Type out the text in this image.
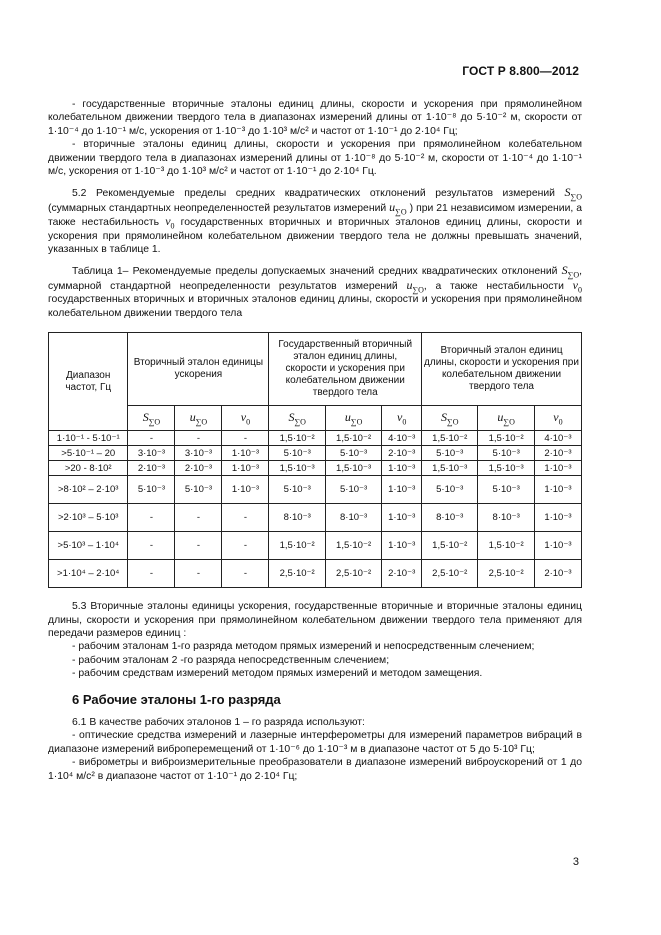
ГОСТ Р 8.800—2012

- государственные вторичные эталоны единиц длины, скорости и ускорения при прямолинейном колебательном движении твердого тела в диапазонах измерений длины от 1·10⁻⁸ до 5·10⁻² м, скорости от 1·10⁻⁴ до 1·10⁻¹ м/с, ускорения от 1·10⁻³ до 1·10³ м/с² и частот от 1·10⁻¹ до 2·10⁴ Гц;

- вторичные эталоны единиц длины, скорости и ускорения при прямолинейном колебательном движении твердого тела в диапазонах измерений длины от 1·10⁻⁸ до 5·10⁻² м, скорости от 1·10⁻⁴ до 1·10⁻¹ м/с, ускорения от 1·10⁻³ до 1·10³ м/с² и частот от 1·10⁻¹ до 2·10⁴ Гц.

5.2 Рекомендуемые пределы средних квадратических отклонений результатов измерений $S_{\sum O}$ (суммарных стандартных неопределенностей результатов измерений $u_{\sum O}$ ) при 21 независимом измерении, а также нестабильность $\nu_0$ государственных вторичных и вторичных эталонов единиц длины, скорости и ускорения при прямолинейном колебательном движении твердого тела не должны превышать значений, указанных в таблице 1.

Таблица 1– Рекомендуемые пределы допускаемых значений средних квадратических отклонений $S_{\sum O}$, суммарной стандартной неопределенности результатов измерений $u_{\sum O}$, а также нестабильности $\nu_0$ государственных вторичных и вторичных эталонов единиц длины, скорости и ускорения при прямолинейном колебательном движении твердого тела

Диапазон частот, Гц	Вторичный эталон единицы ускорения			Государственный вторичный эталон единиц длины, скорости и ускорения при колебательном движении твердого тела			Вторичный эталон единиц длины, скорости и ускорения при колебательном движении твердого тела		
	$S_{\sum O}$	$u_{\sum O}$	$\nu_0$	$S_{\sum O}$	$u_{\sum O}$	$\nu_0$	$S_{\sum O}$	$u_{\sum O}$	$\nu_0$
1·10⁻¹ - 5·10⁻¹	-	-	-	1,5·10⁻²	1,5·10⁻²	4·10⁻³	1,5·10⁻²	1,5·10⁻²	4·10⁻³
>5·10⁻¹ – 20	3·10⁻³	3·10⁻³	1·10⁻³	5·10⁻³	5·10⁻³	2·10⁻³	5·10⁻³	5·10⁻³	2·10⁻³
>20 - 8·10²	2·10⁻³	2·10⁻³	1·10⁻³	1,5·10⁻³	1,5·10⁻³	1·10⁻³	1,5·10⁻³	1,5·10⁻³	1·10⁻³
>8·10² – 2·10³	5·10⁻³	5·10⁻³	1·10⁻³	5·10⁻³	5·10⁻³	1·10⁻³	5·10⁻³	5·10⁻³	1·10⁻³
>2·10³ – 5·10³	-	-	-	8·10⁻³	8·10⁻³	1·10⁻³	8·10⁻³	8·10⁻³	1·10⁻³
>5·10³ – 1·10⁴	-	-	-	1,5·10⁻²	1,5·10⁻²	1·10⁻³	1,5·10⁻²	1,5·10⁻²	1·10⁻³
>1·10⁴ – 2·10⁴	-	-	-	2,5·10⁻²	2,5·10⁻²	2·10⁻³	2,5·10⁻²	2,5·10⁻²	2·10⁻³

5.3 Вторичные эталоны единицы ускорения, государственные вторичные и вторичные эталоны единиц длины, скорости и ускорения при прямолинейном колебательном движении твердого тела применяют для передачи размеров единиц :

- рабочим эталонам 1-го разряда методом прямых измерений и непосредственным слечением;

- рабочим эталонам 2 -го разряда непосредственным слечением;

- рабочим средствам измерений методом прямых измерений и методом замещения.

6 Рабочие эталоны 1-го разряда

6.1 В качестве рабочих эталонов 1 – го разряда используют:

- оптические средства измерений и лазерные интерферометры для измерений параметров вибраций в диапазоне измерений виброперемещений от 1·10⁻⁶ до 1·10⁻³ м в диапазоне частот от 5 до 5·10³ Гц;

- виброметры и виброизмерительные преобразователи в диапазоне измерений виброускорений от 1 до 1·10⁴ м/с² в диапазоне частот от 1·10⁻¹ до 2·10⁴ Гц;

3
